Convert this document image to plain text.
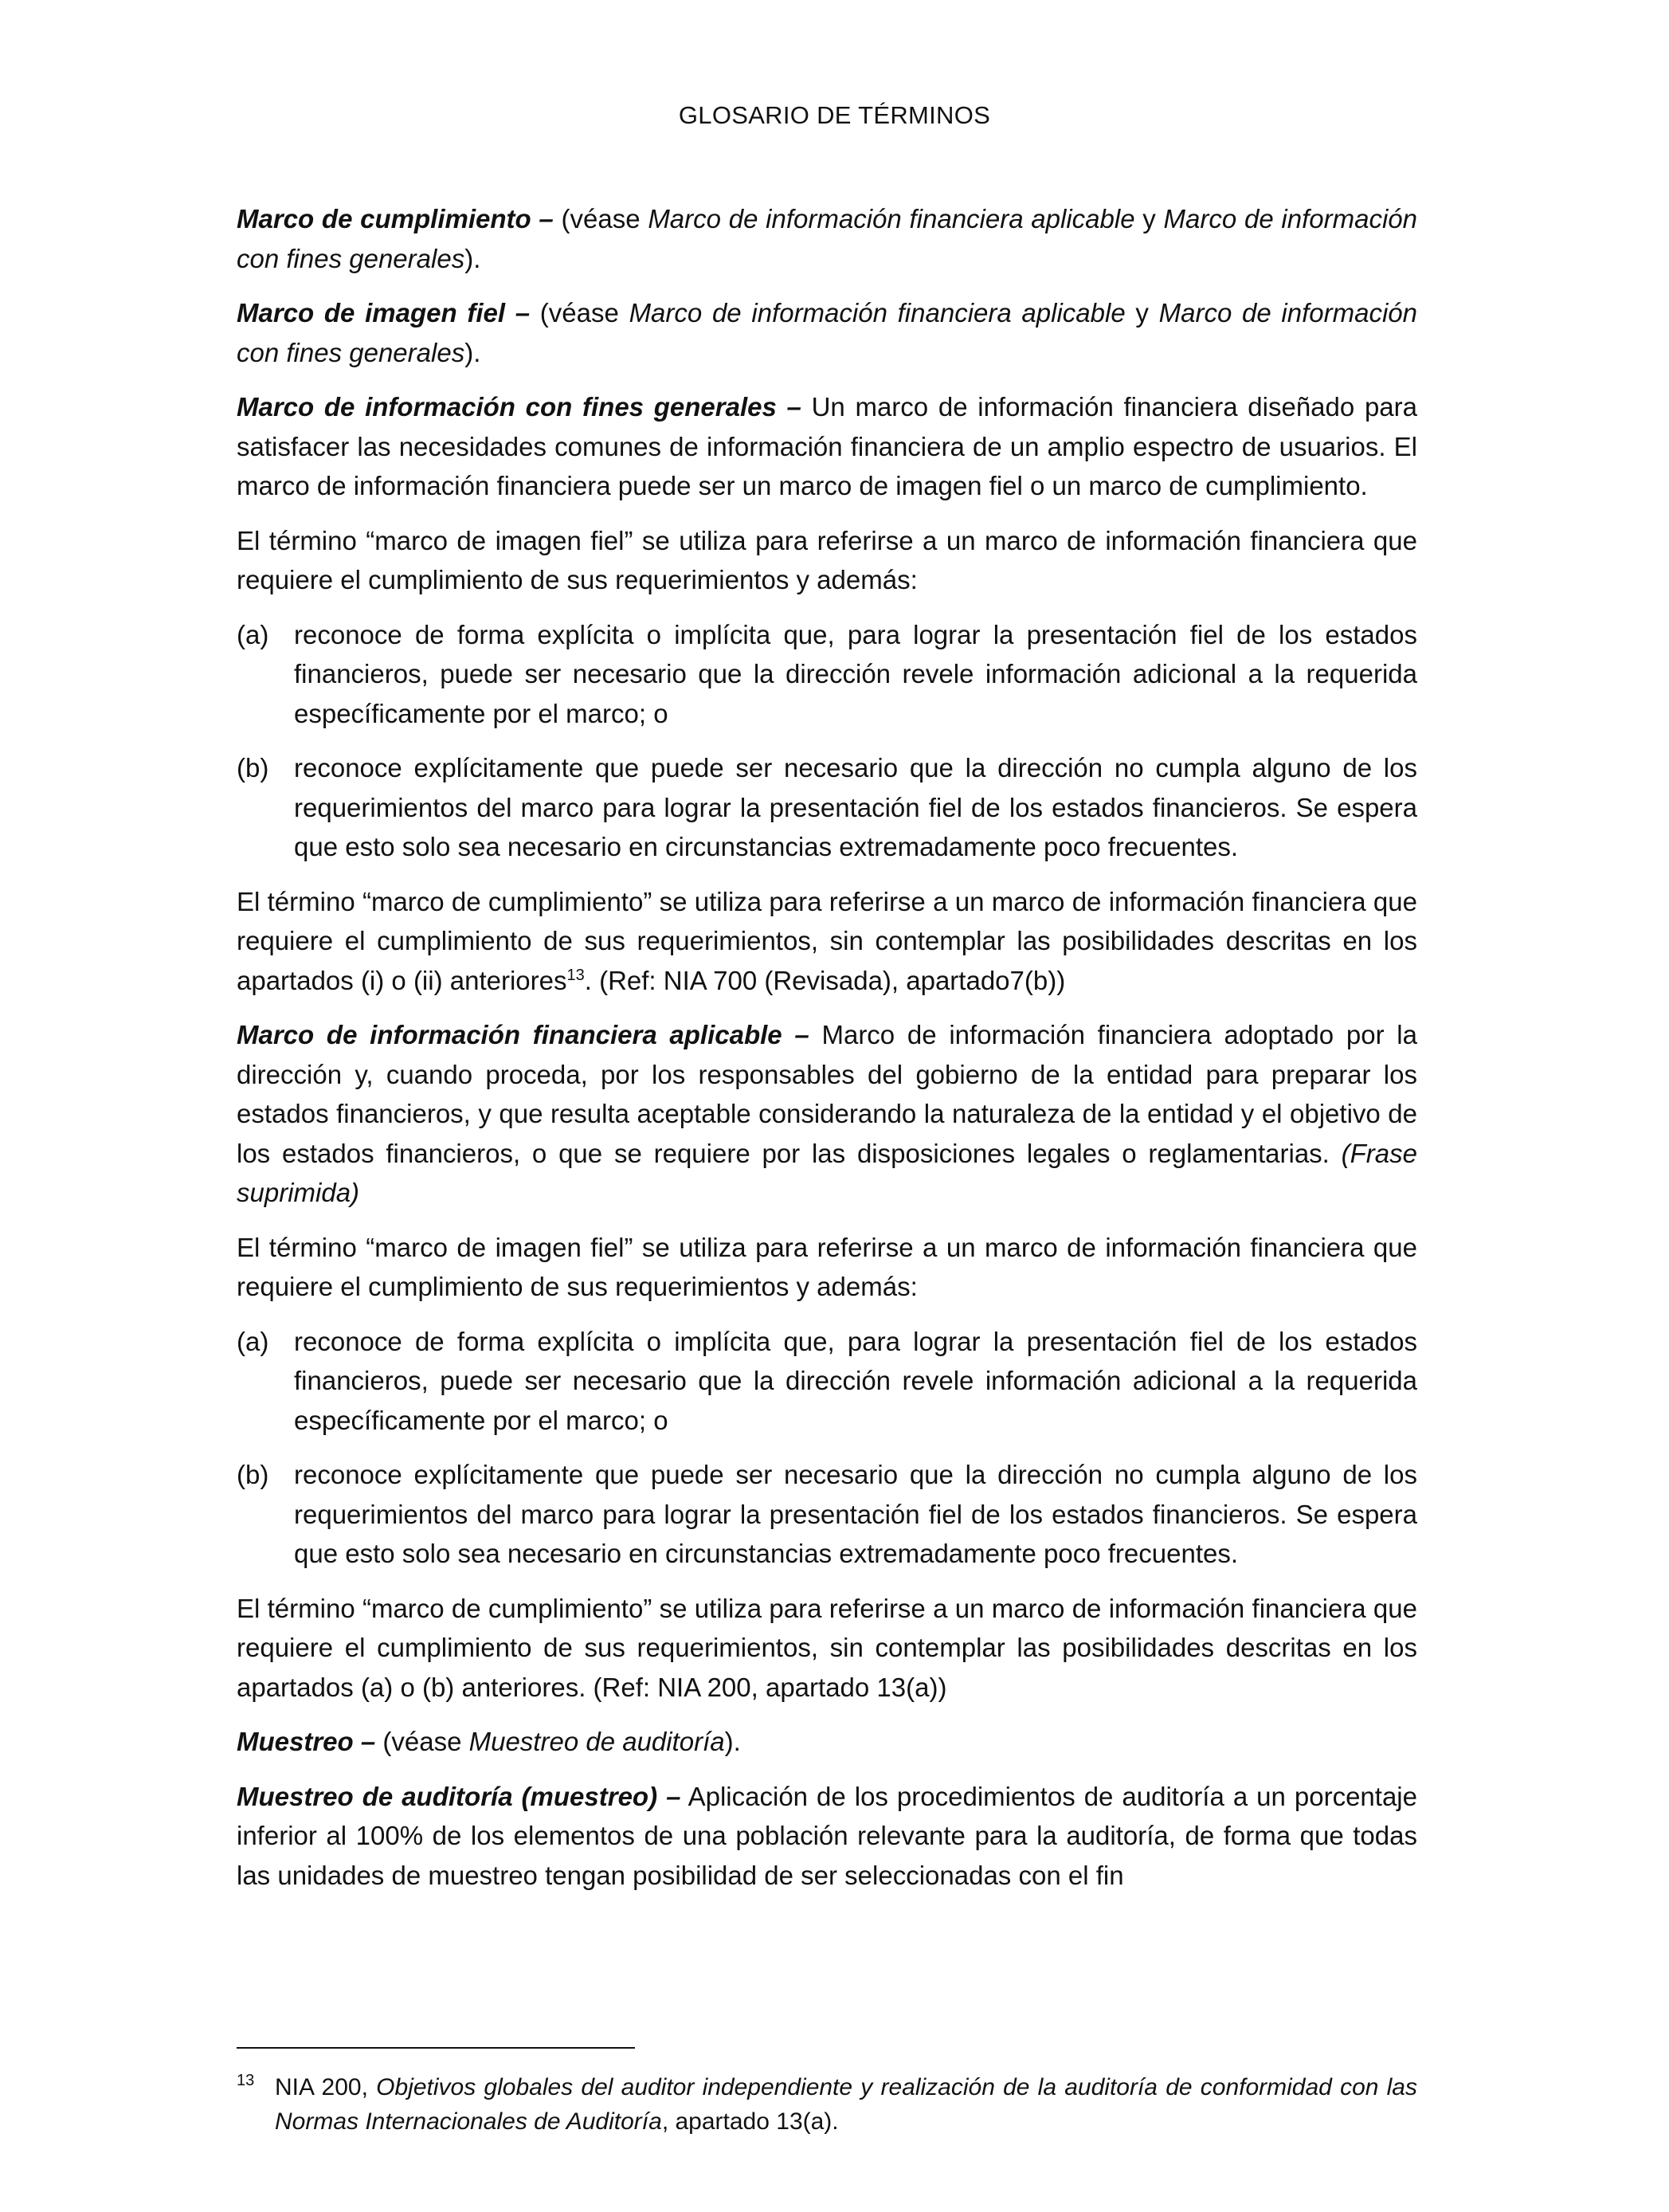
GLOSARIO DE TÉRMINOS

Marco de cumplimiento – (véase Marco de información financiera aplicable y Marco de información con fines generales).

Marco de imagen fiel – (véase Marco de información financiera aplicable y Marco de información con fines generales).

Marco de información con fines generales – Un marco de información financiera diseñado para satisfacer las necesidades comunes de información financiera de un amplio espectro de usuarios. El marco de información financiera puede ser un marco de imagen fiel o un marco de cumplimiento.

El término “marco de imagen fiel” se utiliza para referirse a un marco de información financiera que requiere el cumplimiento de sus requerimientos y además:

(a) reconoce de forma explícita o implícita que, para lograr la presentación fiel de los estados financieros, puede ser necesario que la dirección revele información adicional a la requerida específicamente por el marco; o
(b) reconoce explícitamente que puede ser necesario que la dirección no cumpla alguno de los requerimientos del marco para lograr la presentación fiel de los estados financieros. Se espera que esto solo sea necesario en circunstancias extremadamente poco frecuentes.

El término “marco de cumplimiento” se utiliza para referirse a un marco de información financiera que requiere el cumplimiento de sus requerimientos, sin contemplar las posibilidades descritas en los apartados (i) o (ii) anteriores$^{13}$. (Ref: NIA 700 (Revisada), apartado7(b))

Marco de información financiera aplicable – Marco de información financiera adoptado por la dirección y, cuando proceda, por los responsables del gobierno de la entidad para preparar los estados financieros, y que resulta aceptable considerando la naturaleza de la entidad y el objetivo de los estados financieros, o que se requiere por las disposiciones legales o reglamentarias. (Frase suprimida)

El término “marco de imagen fiel” se utiliza para referirse a un marco de información financiera que requiere el cumplimiento de sus requerimientos y además:

(a) reconoce de forma explícita o implícita que, para lograr la presentación fiel de los estados financieros, puede ser necesario que la dirección revele información adicional a la requerida específicamente por el marco; o
(b) reconoce explícitamente que puede ser necesario que la dirección no cumpla alguno de los requerimientos del marco para lograr la presentación fiel de los estados financieros. Se espera que esto solo sea necesario en circunstancias extremadamente poco frecuentes.

El término “marco de cumplimiento” se utiliza para referirse a un marco de información financiera que requiere el cumplimiento de sus requerimientos, sin contemplar las posibilidades descritas en los apartados (a) o (b) anteriores. (Ref: NIA 200, apartado 13(a))

Muestreo – (véase Muestreo de auditoría).

Muestreo de auditoría (muestreo) – Aplicación de los procedimientos de auditoría a un porcentaje inferior al 100% de los elementos de una población relevante para la auditoría, de forma que todas las unidades de muestreo tengan posibilidad de ser seleccionadas con el fin

13 NIA 200, Objetivos globales del auditor independiente y realización de la auditoría de conformidad con las Normas Internacionales de Auditoría, apartado 13(a).
